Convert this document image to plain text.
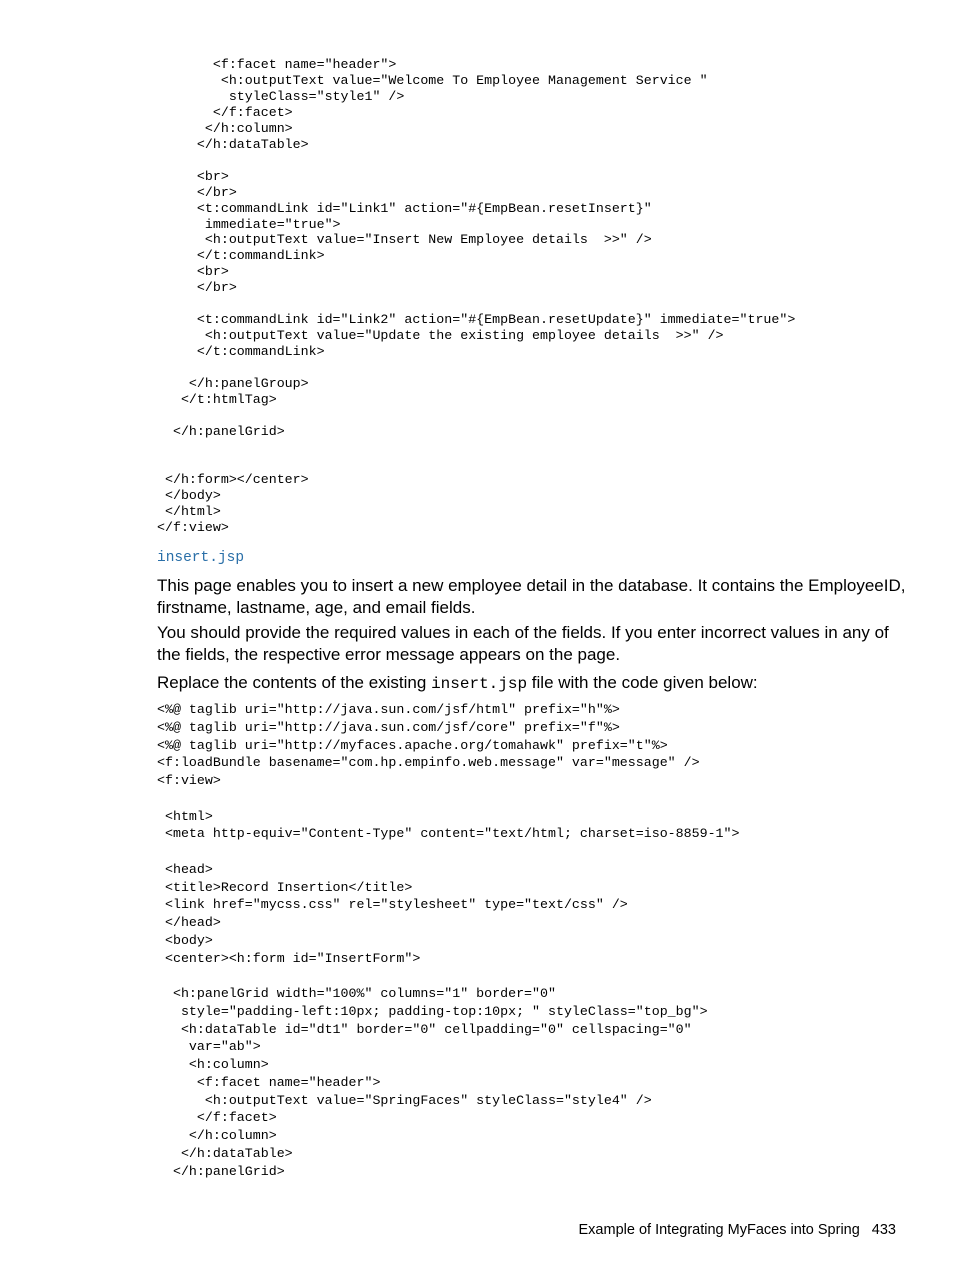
<f:facet name="header">
<h:outputText value="Welcome To Employee Management Service "
styleClass="style1" />
</f:facet>
</h:column>
</h:dataTable>

<br>
</br>
<t:commandLink id="Link1" action="#{EmpBean.resetInsert}"
immediate="true">
<h:outputText value="Insert New Employee details  >>" />
</t:commandLink>
<br>
</br>

<t:commandLink id="Link2" action="#{EmpBean.resetUpdate}" immediate="true">
<h:outputText value="Update the existing employee details  >>" />
</t:commandLink>

</h:panelGroup>
</t:htmlTag>

</h:panelGrid>

</h:form></center>
</body>
</html>
</f:view>
insert.jsp

This page enables you to insert a new employee detail in the database. It contains the EmployeeID, firstname, lastname, age, and email fields.

You should provide the required values in each of the fields. If you enter incorrect values in any of the fields, the respective error message appears on the page.

Replace the contents of the existing insert.jsp file with the code given below:

<%@ taglib uri="http://java.sun.com/jsf/html" prefix="h"%>
<%@ taglib uri="http://java.sun.com/jsf/core" prefix="f"%>
<%@ taglib uri="http://myfaces.apache.org/tomahawk" prefix="t"%>
<f:loadBundle basename="com.hp.empinfo.web.message" var="message" />
<f:view>

<html>
<meta http-equiv="Content-Type" content="text/html; charset=iso-8859-1">

<head>
<title>Record Insertion</title>
<link href="mycss.css" rel="stylesheet" type="text/css" />
</head>
<body>
<center><h:form id="InsertForm">

<h:panelGrid width="100%" columns="1" border="0"
style="padding-left:10px; padding-top:10px; " styleClass="top_bg">
<h:dataTable id="dt1" border="0" cellpadding="0" cellspacing="0"
var="ab">
<h:column>
<f:facet name="header">
<h:outputText value="SpringFaces" styleClass="style4" />
</f:facet>
</h:column>
</h:dataTable>
</h:panelGrid>
Example of Integrating MyFaces into Spring 433
